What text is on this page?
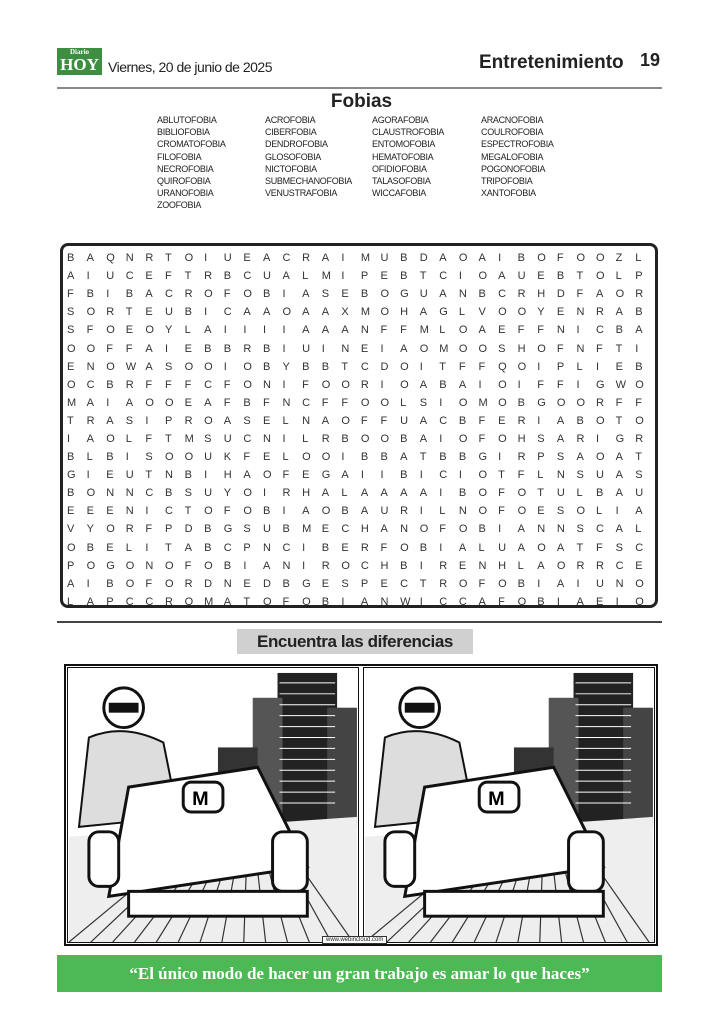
Diario
HOY Viernes, 20 de junio de 2025	Entretenimiento 19
Fobias
ABLUTOFOBIA	ACROFOBIA	AGORAFOBIA	ARACNOFOBIA
BIBLIOFOBIA	CIBERFOBIA	CLAUSTROFOBIA	COULROFOBIA
CROMATOFOBIA	DENDROFOBIA	ENTOMOFOBIA	ESPECTROFOBIA
FILOFOBIA	GLOSOFOBIA	HEMATOFOBIA	MEGALOFOBIA
NECROFOBIA	NICTOFOBIA	OFIDIOFOBIA	POGONOFOBIA
QUIROFOBIA	SUBMECHANOFOBIA	TALASOFOBIA	TRIPOFOBIA
URANOFOBIA	VENUSTRAFOBIA	WICCAFOBIA	XANTOFOBIA
ZOOFOBIA
B	A	Q	N	R	T	O	I	U	E	A	C	R	A	I	M U	B	D	A	O	A	I	B	O	F	O	O	Z	L
A	I	U	C	E	F	T	R	B	C	U	A	L	M I	P	E	B	T	C	I	O	A	U	E	B	T	O	L	P
F	B	I	B	A	C	R	O	F	O	B	I	A	S	E	B	O	G	U	A	N	B	C	R	H	D	F	A	O	R
S	O	R	T	E	U	B	I	C	A	A	O	A	A	X	M O	H	A	G	L	V	O	O	Y	E	N	R	A	B
S	F	O	E	O	Y	L	A	I	I	I	I	A	A	A	N	F	F	M L	O	A	E	F	F	N	I	C	B	A
O	O	F	F	A	I	E	B	B	R	B	I	U	I	N	E	I	A	O	M O	O	S	H	O	F	N	F	T	I
E	N	O	W A	S	O	O	I	O	B	Y	B	B	T	C	D	O	I	T	F	F	Q	O	I	P	L	I	E	B
O	C	B	R	F	F	F	C	F	O	N	I	F	O	O	R	I	O	A	B	A	I	O	I	F	F	I	G	W O
M A	I	A	O	O	E	A	F	B	F	N	C	F	F	O	O	L	S	I	O	M O	B	G	O	O	R	F	F
T	R	A	S	I	P	R	O	A	S	E	L	N	A	O	F	F	U	A	C	B	F	E	R	I	A	B	O	T	O
I	A	O	L	F	T	M S	U	C	N	I	L	R	B	O	O	B	A	I	O	F	O	H	S	A	R	I	G	R
B	L	B	I	S	O	O	U	K	F	E	L	O	O	I	B	B	A	T	B	B	G	I	R	P	S	A	O	A	T
G	I	E	U	T	N	B	I	H	A	O	F	E	G	A	I	I	B	I	C	I	O	T	F	L	N	S	U	A	S
B	O	N	N	C	B	S	U	Y	O	I	R	H	A	L	A	A	A	A	I	B	O	F	O	T	U	L	B	A	U
E	E	E	N	I	C	T	O	F	O	B	I	A	O	B	A	U	R	I	L	N	O	F	O	E	S	O	L	I	A
V	Y	O	R	F	P	D	B	G	S	U	B	M E	C	H	A	N	O	F	O	B	I	A	N	N	S	C	A	L
O	B	E	L	I	T	A	B	C	P	N	C	I	B	E	R	F	O	B	I	A	L	U	A	O	A	T	F	S	C
P	O	G	O	N	O	F	O	B	I	A	N	I	R	O	C	H	B	I	R	E	N	H	L	A	O	R	R	C	E
A	I	B	O	F	O	R	D	N	E	D	B	G	E	S	P	E	C	T	R	O	F	O	B	I	A	I	U	N	O
L	A	P	C	C	R	O	M A	T	O	F	O	B	I	A	N	W I	C	C	A	F	O	B	I	A	E	I	O
Encuentra las diferencias
M	M
www.webincloud.com
“El único modo de hacer un gran trabajo es amar lo que haces”
